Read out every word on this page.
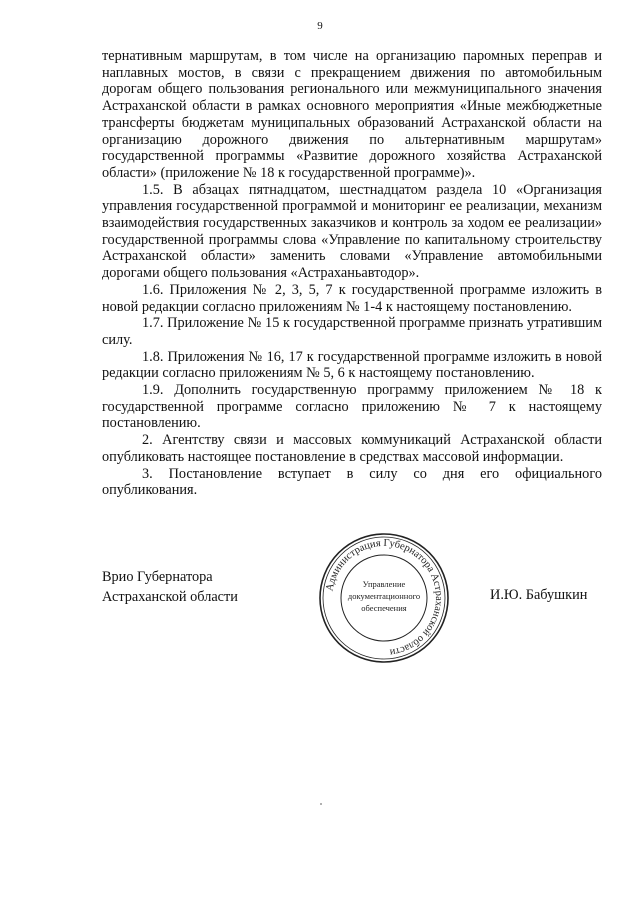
9

тернативным маршрутам, в том числе на организацию паромных переправ и наплавных мостов, в связи с прекращением движения по автомобильным дорогам общего пользования регионального или межмуниципального значения Астраханской области в рамках основного мероприятия «Иные межбюджетные трансферты бюджетам муниципальных образований Астраханской области на организацию дорожного движения по альтернативным маршрутам» государственной программы «Развитие дорожного хозяйства Астраханской области» (приложение № 18 к государственной программе)».

1.5. В абзацах пятнадцатом, шестнадцатом раздела 10 «Организация управления государственной программой и мониторинг ее реализации, механизм взаимодействия государственных заказчиков и контроль за ходом ее реализации» государственной программы слова «Управление по капитальному строительству Астраханской области» заменить словами «Управление автомобильными дорогами общего пользования «Астраханьавтодор».

1.6. Приложения № 2, 3, 5, 7 к государственной программе изложить в новой редакции согласно приложениям № 1-4 к настоящему постановлению.

1.7. Приложение № 15 к государственной программе признать утратившим силу.

1.8. Приложения № 16, 17 к государственной программе изложить в новой редакции согласно приложениям № 5, 6 к настоящему постановлению.

1.9. Дополнить государственную программу приложением № 18 к государственной программе согласно приложению № 7 к настоящему постановлению.

2. Агентству связи и массовых коммуникаций Астраханской области опубликовать настоящее постановление в средствах массовой информации.

3. Постановление вступает в силу со дня его официального опубликования.

Врио Губернатора
Астраханской области
Администрация Губернатора Астраханской области
Управление
документационного
обеспечения
И.Ю. Бабушкин
